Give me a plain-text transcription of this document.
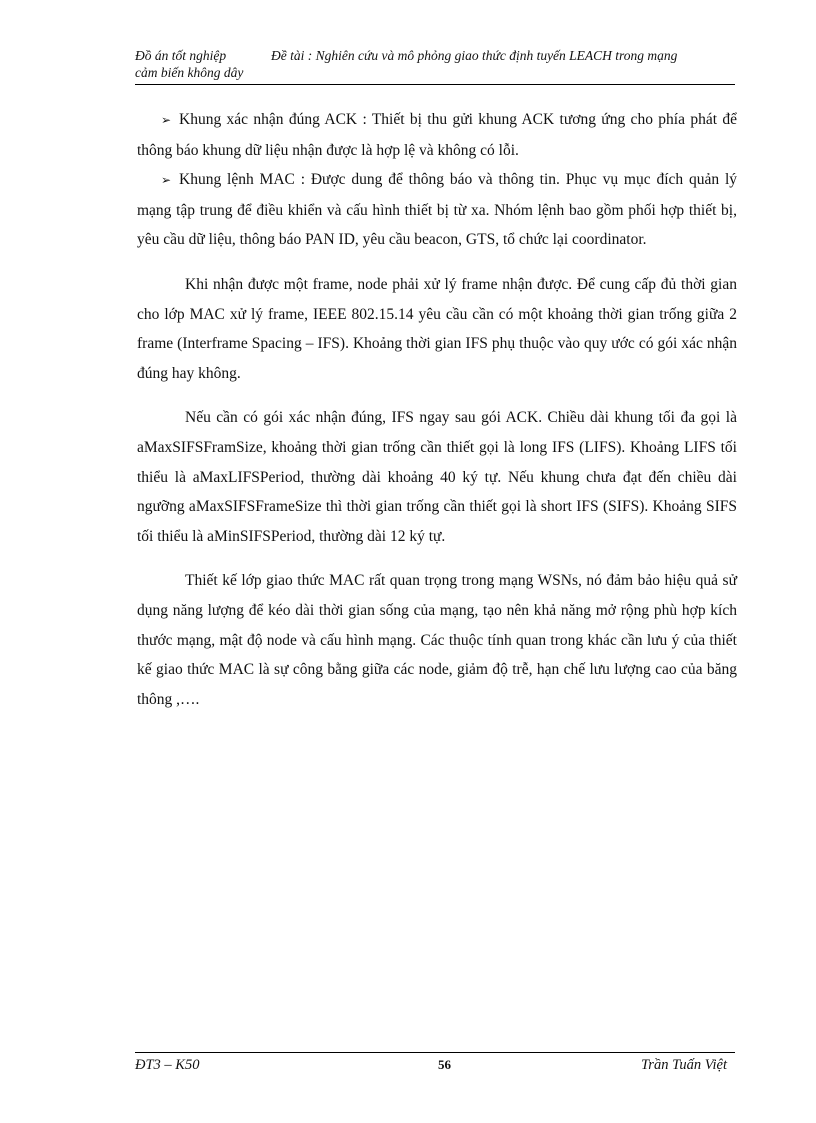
Đồ án tốt nghiệp	Đề tài : Nghiên cứu và mô phỏng giao thức định tuyến LEACH trong mạng
cảm biến không dây

➢ Khung xác nhận đúng ACK : Thiết bị thu gửi khung ACK tương ứng cho phía phát để thông báo khung dữ liệu nhận được là hợp lệ và không có lỗi.

➢ Khung lệnh MAC : Được dung để thông báo và thông tin. Phục vụ mục đích quản lý mạng tập trung để điều khiển và cấu hình thiết bị từ xa. Nhóm lệnh bao gồm phối hợp thiết bị, yêu cầu dữ liệu, thông báo PAN ID, yêu cầu beacon, GTS, tổ chức lại coordinator.

Khi nhận được một frame, node phải xử lý frame nhận được. Để cung cấp đủ thời gian cho lớp MAC xử lý frame, IEEE 802.15.14 yêu cầu cần có một khoảng thời gian trống giữa 2 frame (Interframe Spacing – IFS). Khoảng thời gian IFS phụ thuộc vào quy ước có gói xác nhận đúng hay không.

Nếu cần có gói xác nhận đúng, IFS ngay sau gói ACK. Chiều dài khung tối đa gọi là aMaxSIFSFramSize, khoảng thời gian trống cần thiết gọi là long IFS (LIFS). Khoảng LIFS tối thiểu là aMaxLIFSPeriod, thường dài khoảng 40 ký tự. Nếu khung chưa đạt đến chiều dài ngưỡng aMaxSIFSFrameSize thì thời gian trống cần thiết gọi là short IFS (SIFS). Khoảng SIFS tối thiểu là aMinSIFSPeriod, thường dài 12 ký tự.

Thiết kế lớp giao thức MAC rất quan trọng trong mạng WSNs, nó đảm bảo hiệu quả sử dụng năng lượng để kéo dài thời gian sống của mạng, tạo nên khả năng mở rộng phù hợp kích thước mạng, mật độ node và cấu hình mạng. Các thuộc tính quan trong khác cần lưu ý của thiết kế giao thức MAC là sự công bằng giữa các node, giảm độ trễ, hạn chế lưu lượng cao của băng thông ,….

ĐT3 – K50	56	Trần Tuấn Việt
